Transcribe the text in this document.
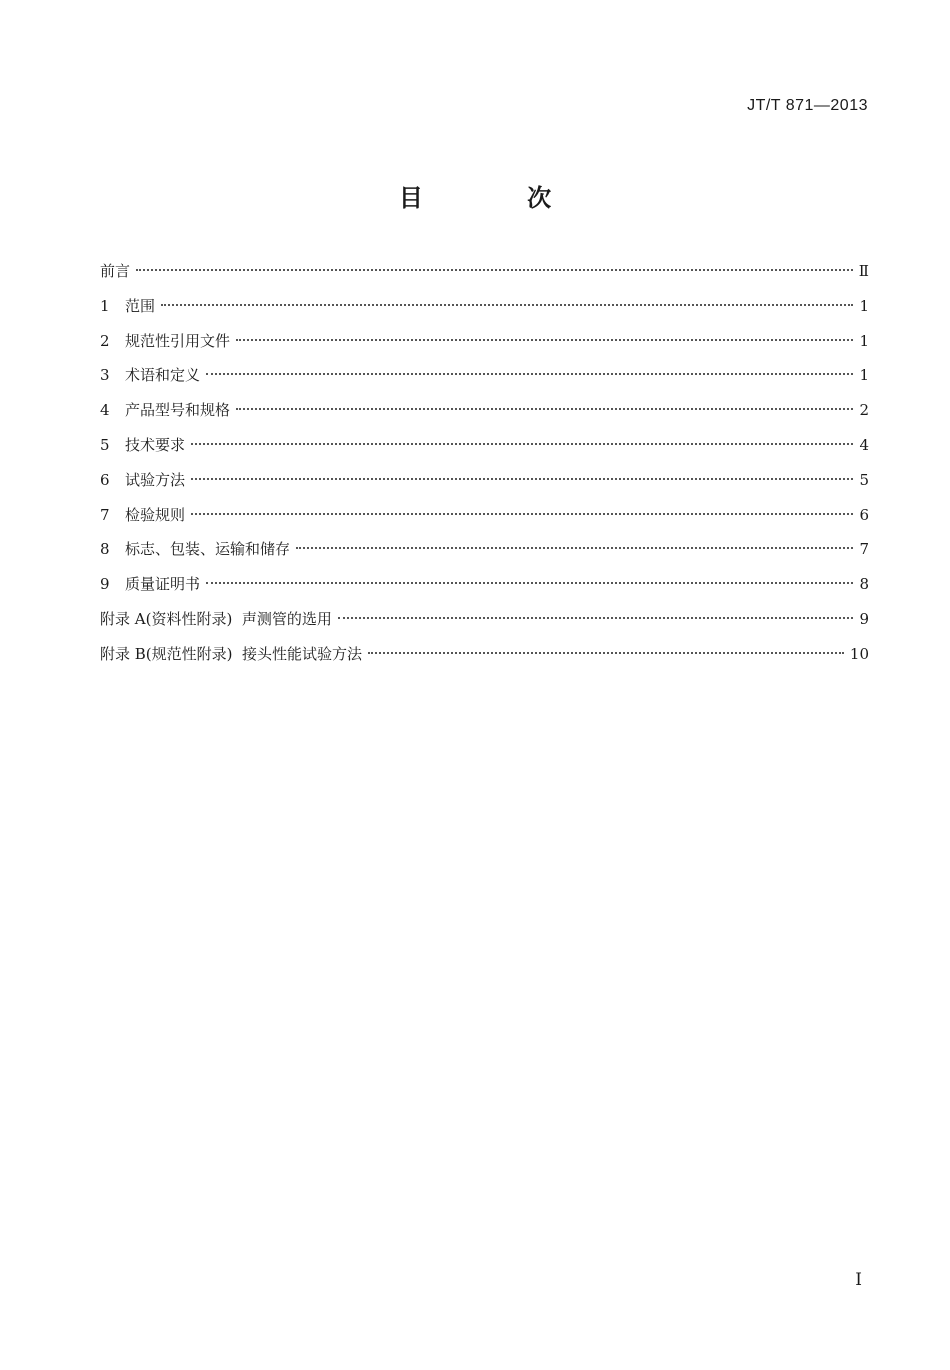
JT/T 871—2013
目 次
前言	Ⅱ
1	范围	1
2	规范性引用文件	1
3	术语和定义	1
4	产品型号和规格	2
5	技术要求	4
6	试验方法	5
7	检验规则	6
8	标志、包装、运输和储存	7
9	质量证明书	8
附录 A(资料性附录)  声测管的选用	9
附录 B(规范性附录)  接头性能试验方法	10
I
